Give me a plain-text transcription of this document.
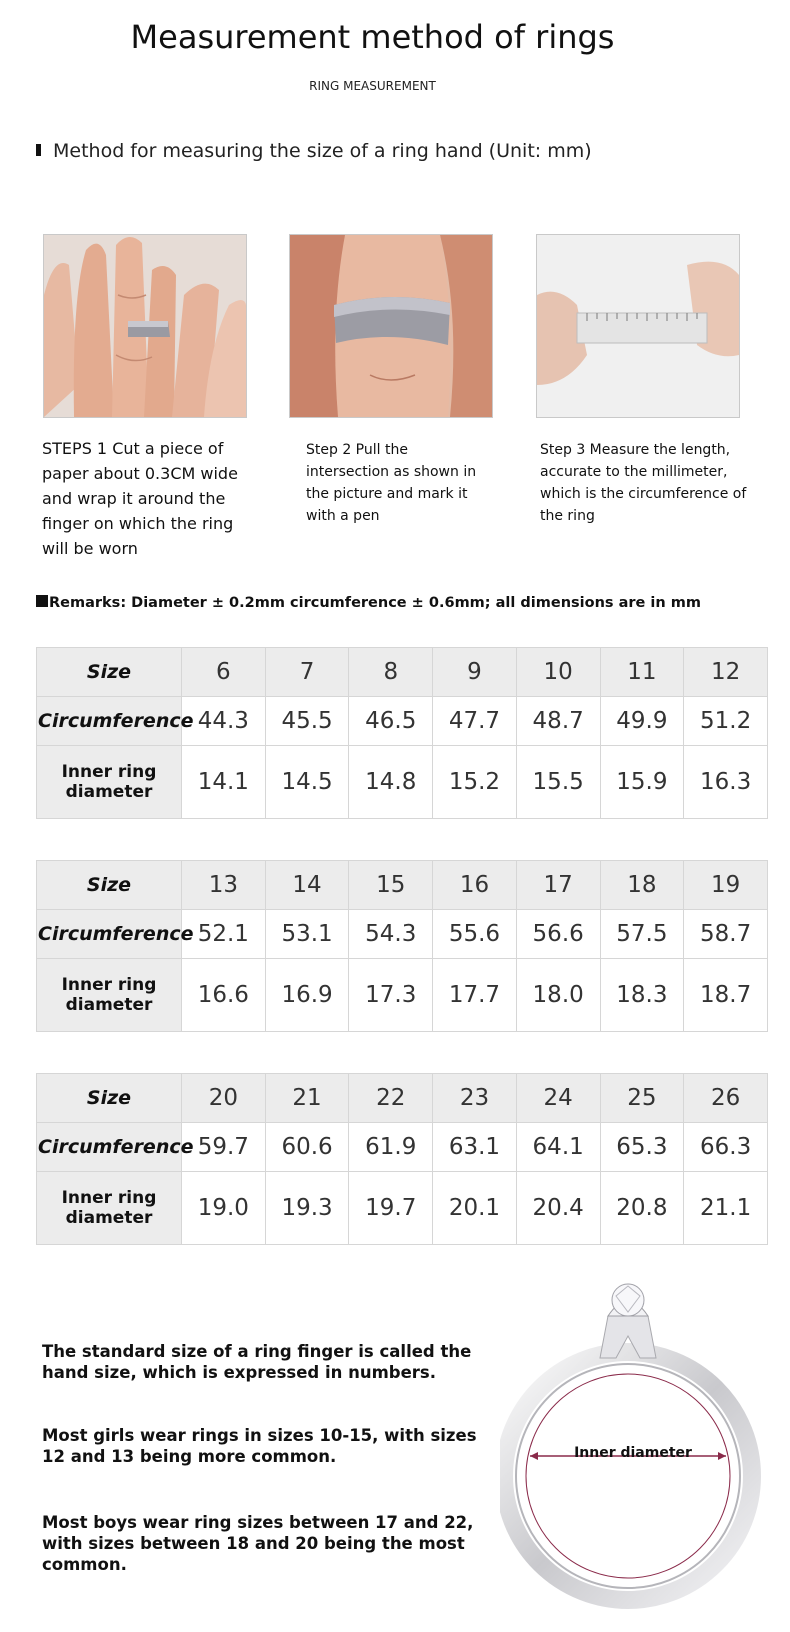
Measurement method of rings
RING MEASUREMENT
Method for measuring the size of a ring hand (Unit: mm)
STEPS 1 Cut a piece of paper about 0.3CM wide and wrap it around the finger on which the ring will be worn
Step 2 Pull the intersection as shown in the picture and mark it with a pen
Step 3 Measure the length, accurate to the millimeter, which is the circumference of the ring
Remarks: Diameter ± 0.2mm circumference ± 0.6mm; all dimensions are in mm
Size	6	7	8	9	10	11	12
Circumference	44.3	45.5	46.5	47.7	48.7	49.9	51.2
Inner ring
diameter	14.1	14.5	14.8	15.2	15.5	15.9	16.3
Size	13	14	15	16	17	18	19
Circumference	52.1	53.1	54.3	55.6	56.6	57.5	58.7
Inner ring
diameter	16.6	16.9	17.3	17.7	18.0	18.3	18.7
Size	20	21	22	23	24	25	26
Circumference	59.7	60.6	61.9	63.1	64.1	65.3	66.3
Inner ring
diameter	19.0	19.3	19.7	20.1	20.4	20.8	21.1
The standard size of a ring finger is called the hand size, which is expressed in numbers.
Most girls wear rings in sizes 10-15, with sizes 12 and 13 being more common.
Most boys wear ring sizes between 17 and 22, with sizes between 18 and 20 being the most common.
Inner diameter
